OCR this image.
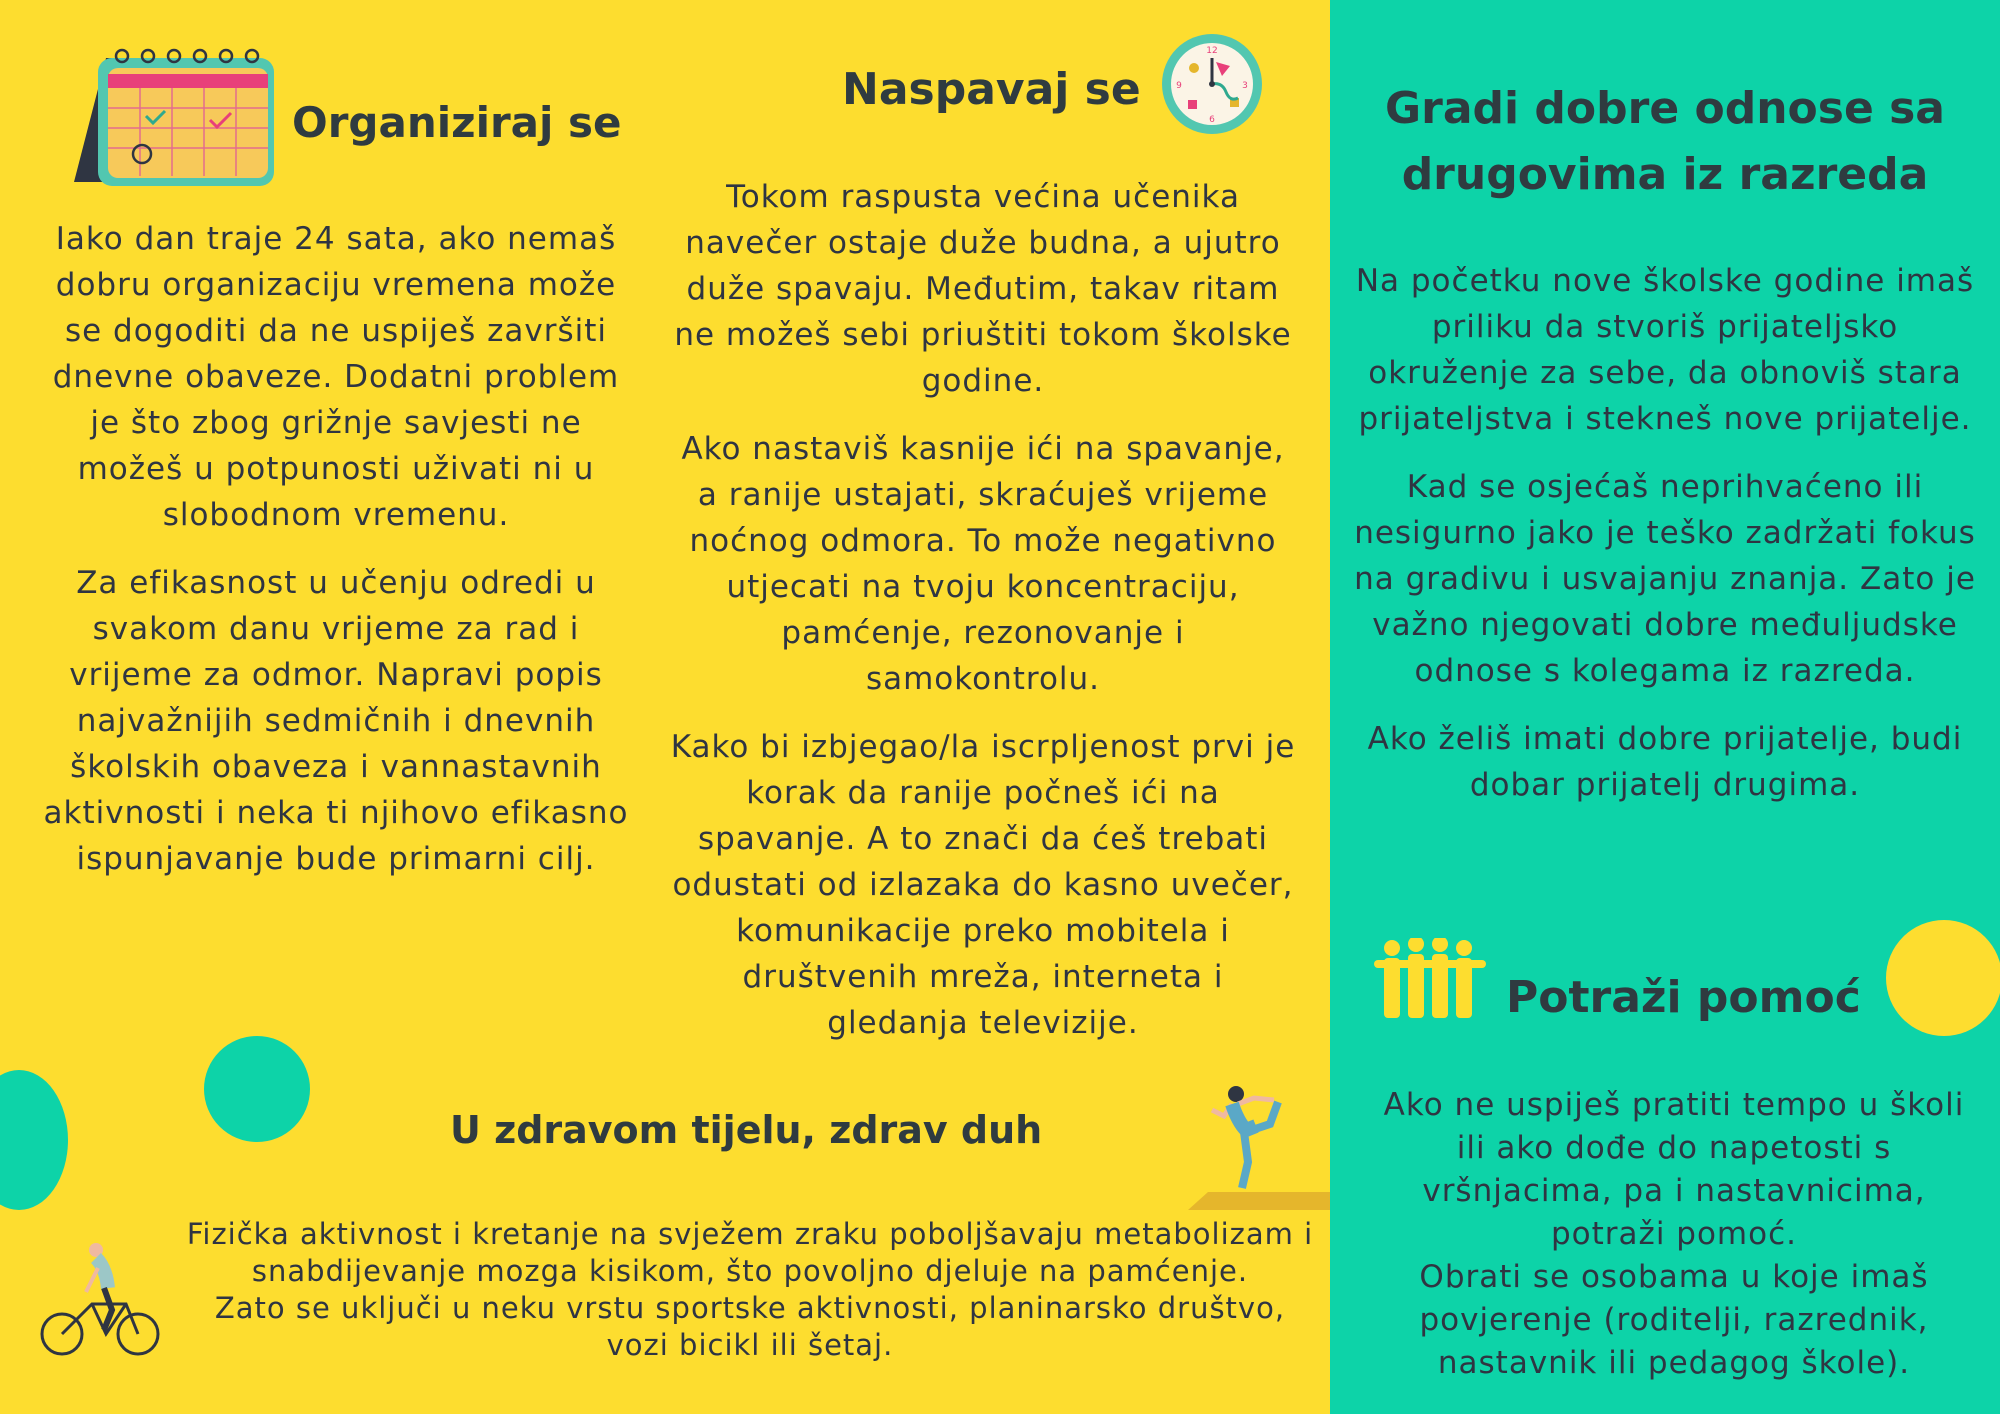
Organiziraj se

Iako dan traje 24 sata, ako nemaš dobru organizaciju vremena može se dogoditi da ne uspiješ završiti dnevne obaveze. Dodatni problem je što zbog grižnje savjesti ne možeš u potpunosti uživati ni u slobodnom vremenu.

Za efikasnost u učenju odredi u svakom danu vrijeme za rad i vrijeme za odmor. Napravi popis najvažnijih sedmičnih i dnevnih školskih obaveza i vannastavnih aktivnosti i neka ti njihovo efikasno ispunjavanje bude primarni cilj.

Naspavaj se
12
3
6
9

Tokom raspusta većina učenika navečer ostaje duže budna, a ujutro duže spavaju. Međutim, takav ritam ne možeš sebi priuštiti tokom školske godine.

Ako nastaviš kasnije ići na spavanje, a ranije ustajati, skraćuješ vrijeme noćnog odmora. To može negativno utjecati na tvoju koncentraciju, pamćenje, rezonovanje i samokontrolu.

Kako bi izbjegao/la iscrpljenost prvi je korak da ranije počneš ići na spavanje. A to znači da ćeš trebati odustati od izlazaka do kasno uvečer, komunikacije preko mobitela i društvenih mreža, interneta i gledanja televizije.

U zdravom tijelu, zdrav duh
Fizička aktivnost i kretanje na svježem zraku poboljšavaju metabolizam i snabdijevanje mozga kisikom, što povoljno djeluje na pamćenje.
Zato se uključi u neku vrstu sportske aktivnosti, planinarsko društvo, vozi bicikl ili šetaj.
Gradi dobre odnose sa drugovima iz razreda

Na početku nove školske godine imaš priliku da stvoriš prijateljsko okruženje za sebe, da obnoviš stara prijateljstva i stekneš nove prijatelje.

Kad se osjećaš neprihvaćeno ili nesigurno jako je teško zadržati fokus na gradivu i usvajanju znanja. Zato je važno njegovati dobre međuljudske odnose s kolegama iz razreda.

Ako želiš imati dobre prijatelje, budi dobar prijatelj drugima.

Potraži pomoć
Ako ne uspiješ pratiti tempo u školi ili ako dođe do napetosti s vršnjacima, pa i nastavnicima, potraži pomoć.
Obrati se osobama u koje imaš povjerenje (roditelji, razrednik, nastavnik ili pedagog škole).
